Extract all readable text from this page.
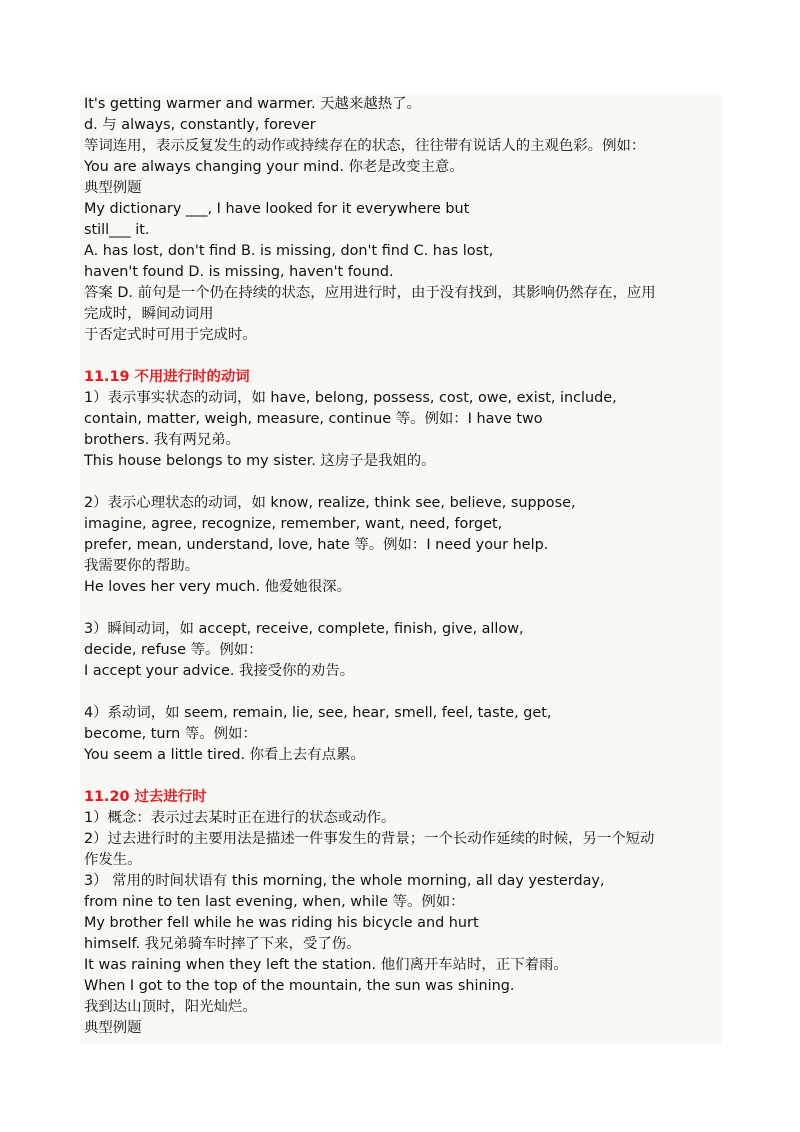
It's getting warmer and warmer. 天越来越热了。
d. 与 always, constantly, forever
等词连用，表示反复发生的动作或持续存在的状态，往往带有说话人的主观色彩。例如：
You are always changing your mind. 你老是改变主意。
典型例题
My dictionary ___, I have looked for it everywhere but
still___ it.
A. has lost, don't find B. is missing, don't find C. has lost,
haven't found D. is missing, haven't found.
答案 D. 前句是一个仍在持续的状态，应用进行时，由于没有找到，其影响仍然存在，应用
完成时，瞬间动词用
于否定式时可用于完成时。
11.19 不用进行时的动词
1）表示事实状态的动词，如 have, belong, possess, cost, owe, exist, include,
contain, matter, weigh, measure, continue 等。例如：I have two
brothers. 我有两兄弟。
This house belongs to my sister. 这房子是我姐的。
2）表示心理状态的动词，如 know, realize, think see, believe, suppose,
imagine, agree, recognize, remember, want, need, forget,
prefer, mean, understand, love, hate 等。例如：I need your help.
我需要你的帮助。
He loves her very much. 他爱她很深。
3）瞬间动词，如 accept, receive, complete, finish, give, allow,
decide, refuse 等。例如：
I accept your advice. 我接受你的劝告。
4）系动词，如 seem, remain, lie, see, hear, smell, feel, taste, get,
become, turn 等。例如：
You seem a little tired. 你看上去有点累。
11.20 过去进行时
1）概念：表示过去某时正在进行的状态或动作。
2）过去进行时的主要用法是描述一件事发生的背景；一个长动作延续的时候，另一个短动
作发生。
3） 常用的时间状语有 this morning, the whole morning, all day yesterday,
from nine to ten last evening, when, while 等。例如：
My brother fell while he was riding his bicycle and hurt
himself. 我兄弟骑车时摔了下来，受了伤。
It was raining when they left the station. 他们离开车站时，正下着雨。
When I got to the top of the mountain, the sun was shining.
我到达山顶时，阳光灿烂。
典型例题
